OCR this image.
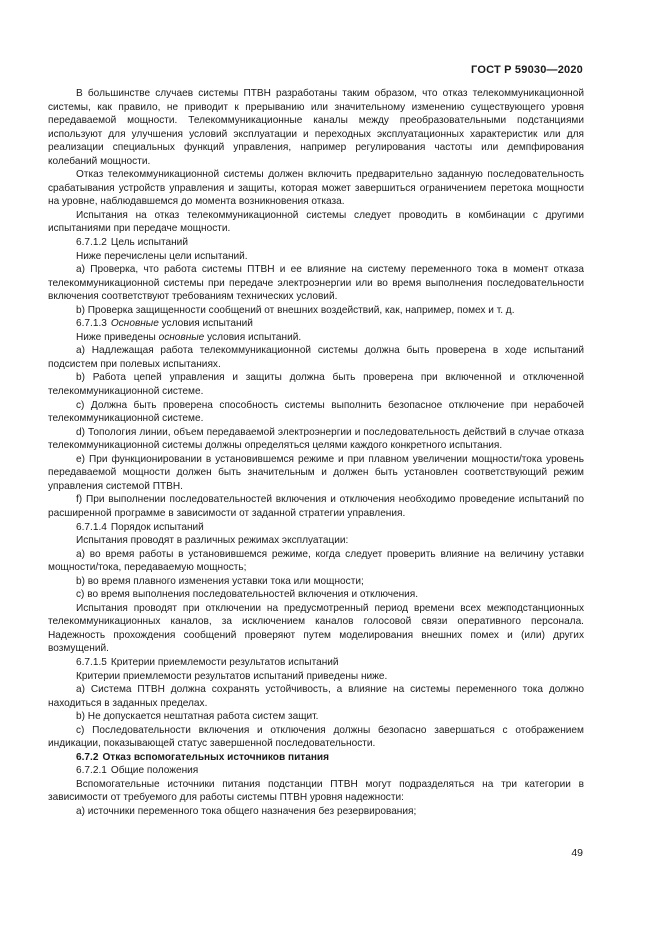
ГОСТ Р 59030—2020

В большинстве случаев системы ПТВН разработаны таким образом, что отказ телекоммуникационной системы, как правило, не приводит к прерыванию или значительному изменению существующего уровня передаваемой мощности. Телекоммуникационные каналы между преобразовательными подстанциями используют для улучшения условий эксплуатации и переходных эксплуатационных характеристик или для реализации специальных функций управления, например регулирования частоты или демпфирования колебаний мощности.

Отказ телекоммуникационной системы должен включить предварительно заданную последовательность срабатывания устройств управления и защиты, которая может завершиться ограничением перетока мощности на уровне, наблюдавшемся до момента возникновения отказа.

Испытания на отказ телекоммуникационной системы следует проводить в комбинации с другими испытаниями при передаче мощности.

6.7.1.2 Цель испытаний

Ниже перечислены цели испытаний.

а) Проверка, что работа системы ПТВН и ее влияние на систему переменного тока в момент отказа телекоммуникационной системы при передаче электроэнергии или во время выполнения последовательности включения соответствуют требованиям технических условий.

b) Проверка защищенности сообщений от внешних воздействий, как, например, помех и т. д.

6.7.1.3 Основные условия испытаний

Ниже приведены основные условия испытаний.

а) Надлежащая работа телекоммуникационной системы должна быть проверена в ходе испытаний подсистем при полевых испытаниях.

b) Работа цепей управления и защиты должна быть проверена при включенной и отключенной телекоммуникационной системе.

c) Должна быть проверена способность системы выполнить безопасное отключение при нерабочей телекоммуникационной системе.

d) Топология линии, объем передаваемой электроэнергии и последовательность действий в случае отказа телекоммуникационной системы должны определяться целями каждого конкретного испытания.

e) При функционировании в установившемся режиме и при плавном увеличении мощности/тока уровень передаваемой мощности должен быть значительным и должен быть установлен соответствующий режим управления системой ПТВН.

f) При выполнении последовательностей включения и отключения необходимо проведение испытаний по расширенной программе в зависимости от заданной стратегии управления.

6.7.1.4 Порядок испытаний

Испытания проводят в различных режимах эксплуатации:

а) во время работы в установившемся режиме, когда следует проверить влияние на величину уставки мощности/тока, передаваемую мощность;

b) во время плавного изменения уставки тока или мощности;

c) во время выполнения последовательностей включения и отключения.

Испытания проводят при отключении на предусмотренный период времени всех межподстанционных телекоммуникационных каналов, за исключением каналов голосовой связи оперативного персонала. Надежность прохождения сообщений проверяют путем моделирования внешних помех и (или) других возмущений.

6.7.1.5 Критерии приемлемости результатов испытаний

Критерии приемлемости результатов испытаний приведены ниже.

а) Система ПТВН должна сохранять устойчивость, а влияние на системы переменного тока должно находиться в заданных пределах.

b) Не допускается нештатная работа систем защит.

c) Последовательности включения и отключения должны безопасно завершаться с отображением индикации, показывающей статус завершенной последовательности.

6.7.2 Отказ вспомогательных источников питания

6.7.2.1 Общие положения

Вспомогательные источники питания подстанции ПТВН могут подразделяться на три категории в зависимости от требуемого для работы системы ПТВН уровня надежности:

а) источники переменного тока общего назначения без резервирования;

49
